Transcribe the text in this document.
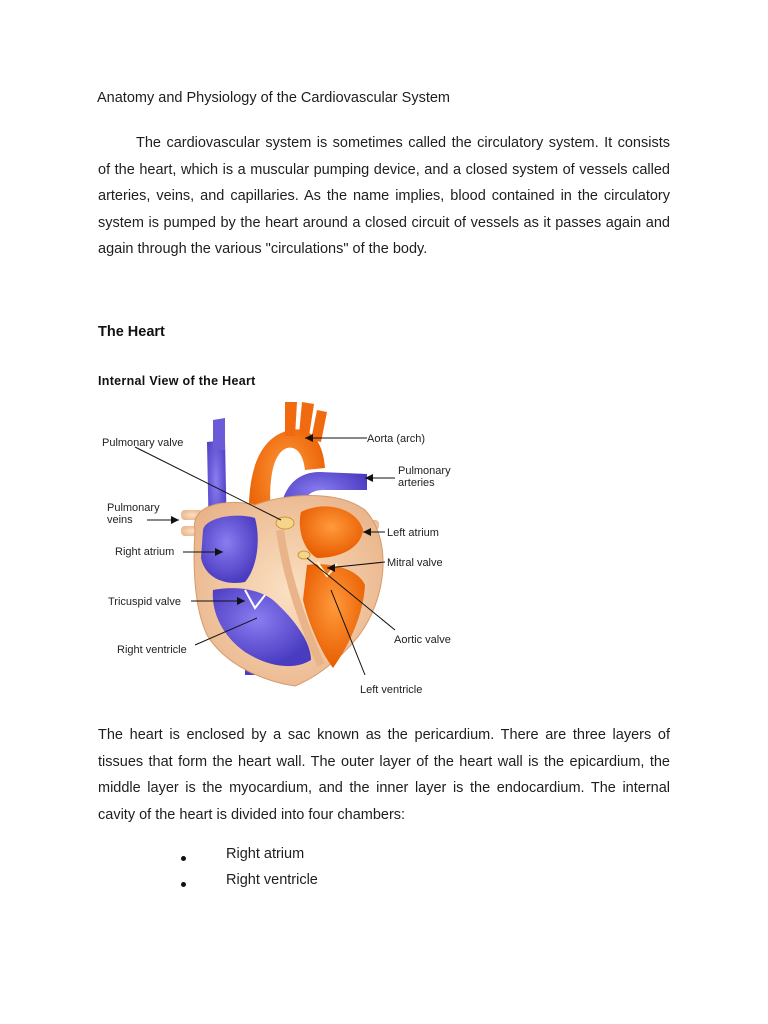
Anatomy and Physiology of the Cardiovascular System

The cardiovascular system is sometimes called the circulatory system. It consists of the heart, which is a muscular pumping device, and a closed system of vessels called arteries, veins, and capillaries. As the name implies, blood contained in the circulatory system is pumped by the heart around a closed circuit of vessels as it passes again and again through the various "circulations" of the body.

The Heart
Internal View of the Heart
Pulmonary valve	Aorta (arch)
Pulmonary
arteries
Pulmonary
veins
Left atrium
Right atrium
Mitral valve
Tricuspid valve
Aortic valve
Right ventricle
Left ventricle

The heart is enclosed by a sac known as the pericardium. There are three layers of tissues that form the heart wall. The outer layer of the heart wall is the epicardium, the middle layer is the myocardium, and the inner layer is the endocardium. The internal cavity of the heart is divided into four chambers:

Right atrium
Right ventricle
